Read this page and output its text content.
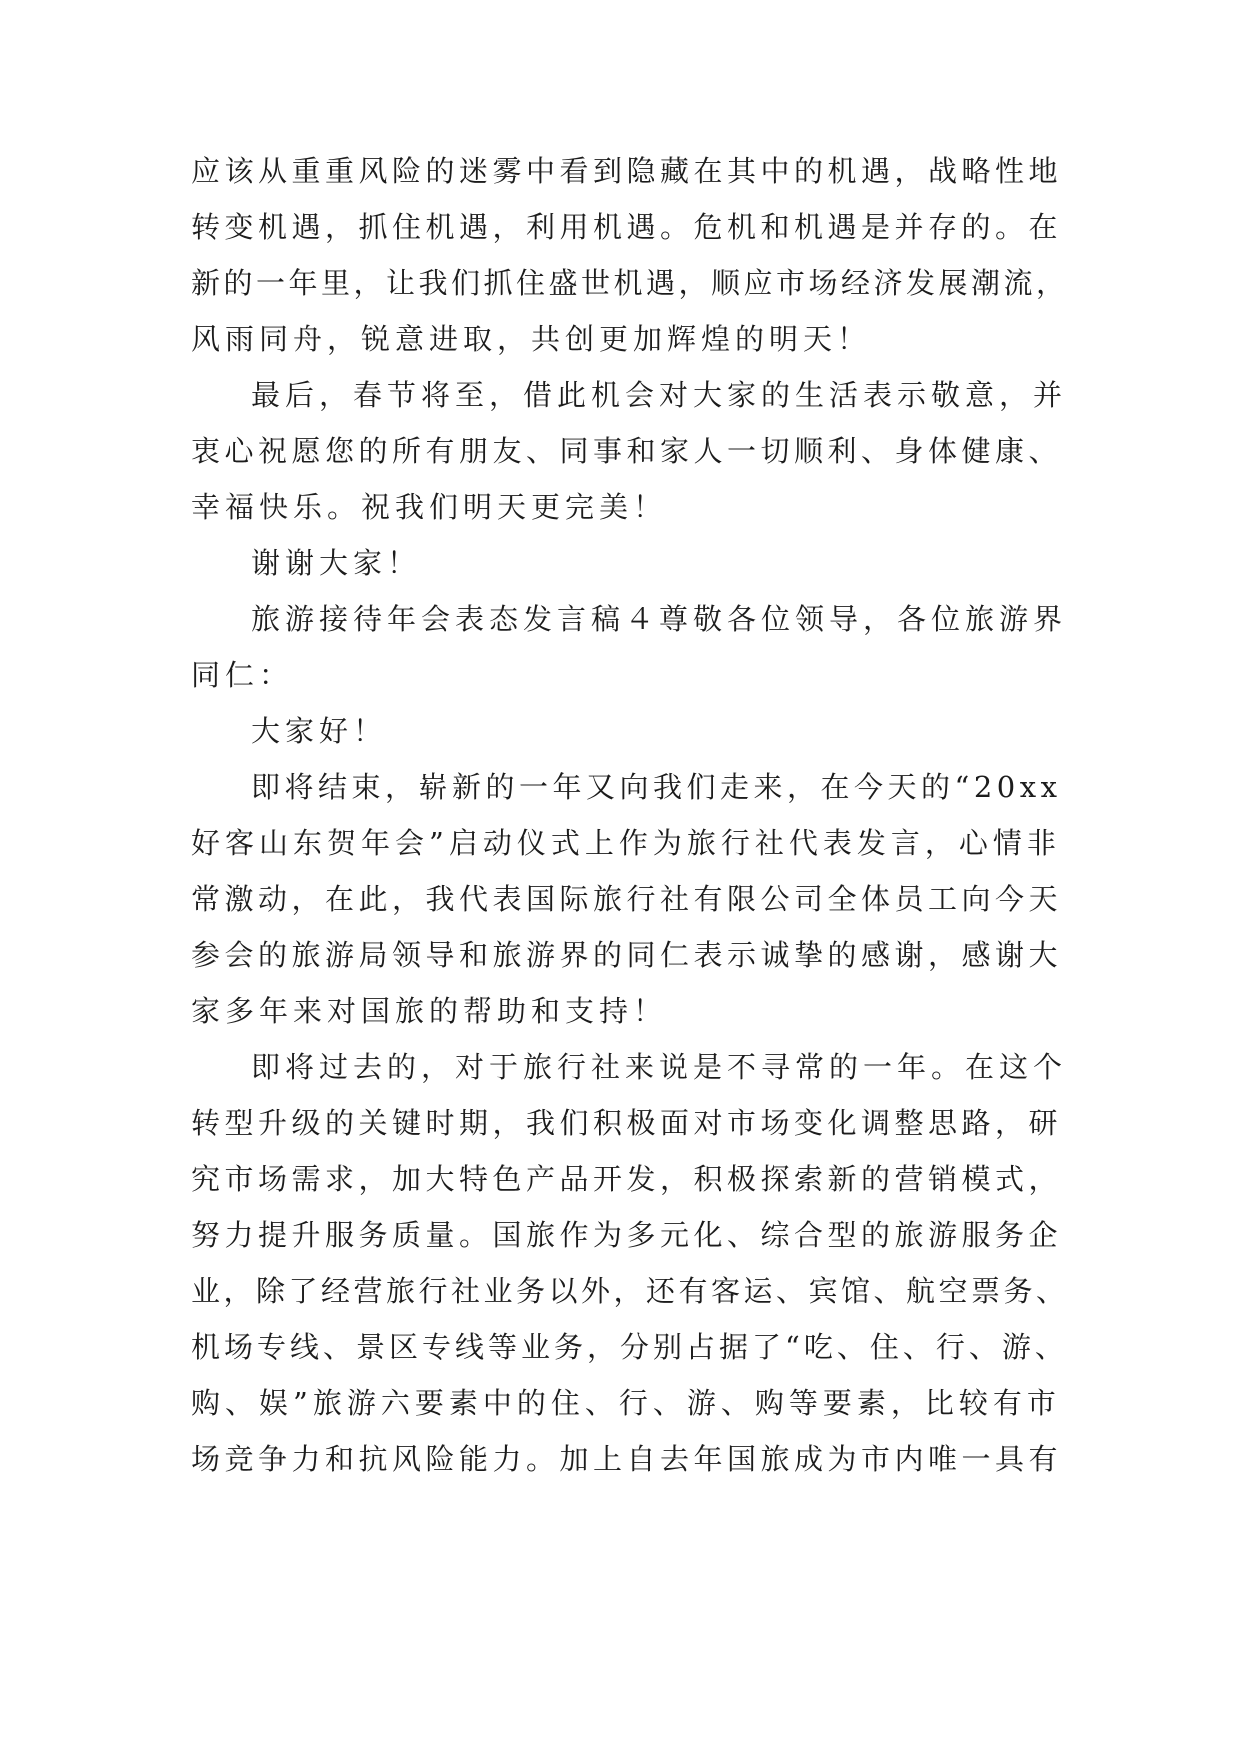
应该从重重风险的迷雾中看到隐藏在其中的机遇，战略性地
转变机遇，抓住机遇，利用机遇。危机和机遇是并存的。在
新的一年里，让我们抓住盛世机遇，顺应市场经济发展潮流，
风雨同舟，锐意进取，共创更加辉煌的明天！
最后，春节将至，借此机会对大家的生活表示敬意，并
衷心祝愿您的所有朋友、同事和家人一切顺利、身体健康、
幸福快乐。祝我们明天更完美！
谢谢大家！
旅游接待年会表态发言稿４尊敬各位领导，各位旅游界
同仁：
大家好！
即将结束，崭新的一年又向我们走来，在今天的“20xx
好客山东贺年会”启动仪式上作为旅行社代表发言，心情非
常激动，在此，我代表国际旅行社有限公司全体员工向今天
参会的旅游局领导和旅游界的同仁表示诚挚的感谢，感谢大
家多年来对国旅的帮助和支持！
即将过去的，对于旅行社来说是不寻常的一年。在这个
转型升级的关键时期，我们积极面对市场变化调整思路，研
究市场需求，加大特色产品开发，积极探索新的营销模式，
努力提升服务质量。国旅作为多元化、综合型的旅游服务企
业，除了经营旅行社业务以外，还有客运、宾馆、航空票务、
机场专线、景区专线等业务，分别占据了“吃、住、行、游、
购、娱”旅游六要素中的住、行、游、购等要素，比较有市
场竞争力和抗风险能力。加上自去年国旅成为市内唯一具有
